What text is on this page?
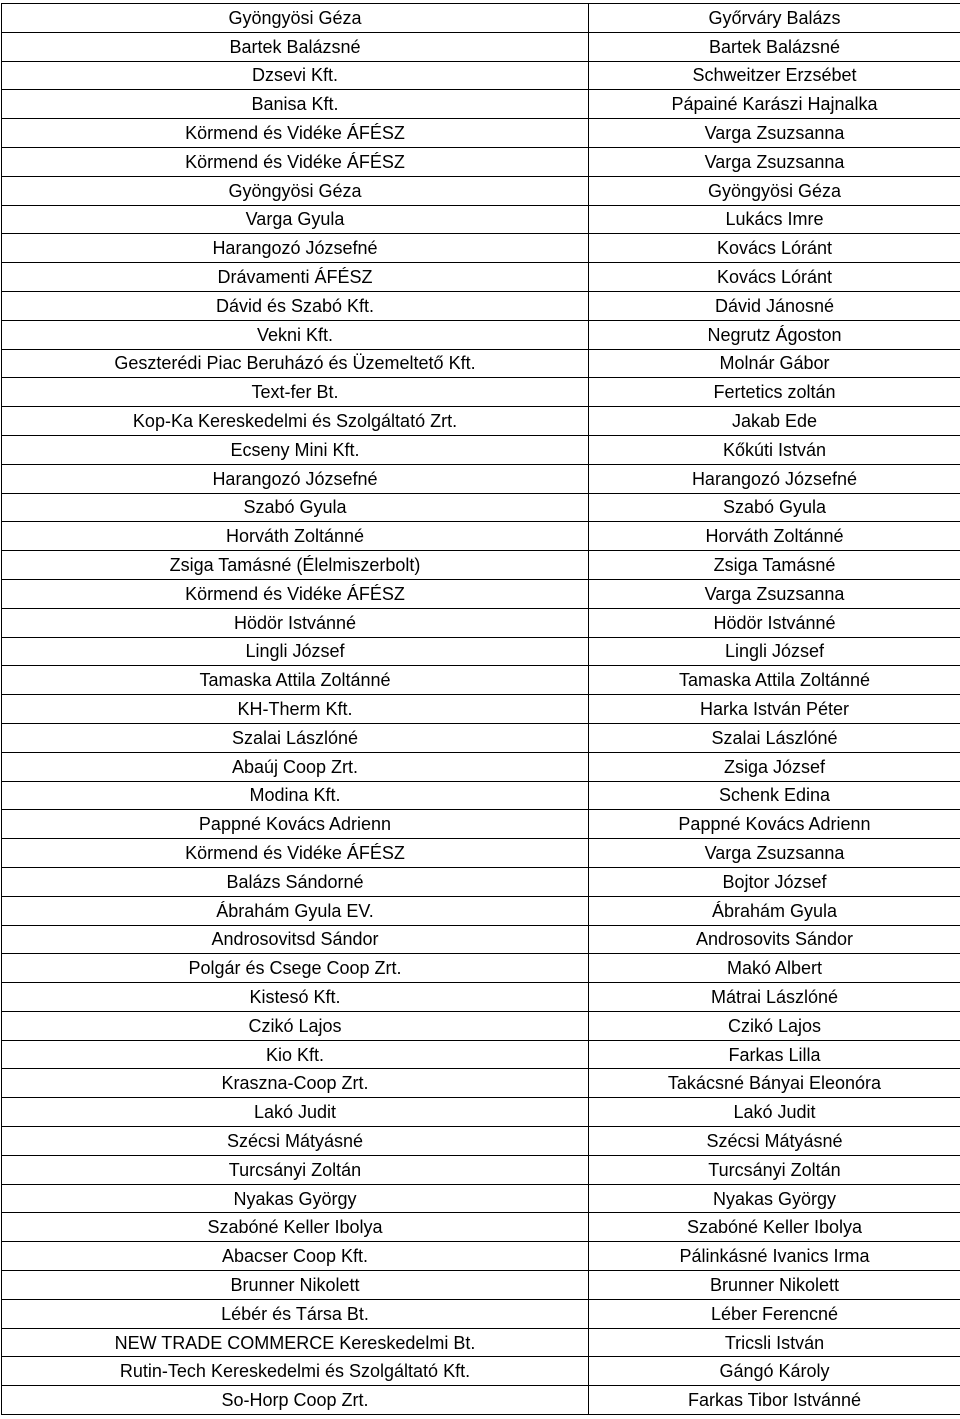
Gyöngyösi Géza	Győrváry Balázs
Bartek Balázsné	Bartek Balázsné
Dzsevi Kft.	Schweitzer Erzsébet
Banisa Kft.	Pápainé Karászi Hajnalka
Körmend és Vidéke ÁFÉSZ	Varga Zsuzsanna
Körmend és Vidéke ÁFÉSZ	Varga Zsuzsanna
Gyöngyösi Géza	Gyöngyösi Géza
Varga Gyula	Lukács Imre
Harangozó Józsefné	Kovács Lóránt
Drávamenti ÁFÉSZ	Kovács Lóránt
Dávid és Szabó Kft.	Dávid Jánosné
Vekni Kft.	Negrutz Ágoston
Geszterédi Piac Beruházó és Üzemeltető Kft.	Molnár Gábor
Text-fer Bt.	Fertetics zoltán
Kop-Ka Kereskedelmi és Szolgáltató Zrt.	Jakab Ede
Ecseny Mini Kft.	Kőkúti István
Harangozó Józsefné	Harangozó Józsefné
Szabó Gyula	Szabó Gyula
Horváth Zoltánné	Horváth Zoltánné
Zsiga Tamásné (Élelmiszerbolt)	Zsiga Tamásné
Körmend és Vidéke ÁFÉSZ	Varga Zsuzsanna
Hödör Istvánné	Hödör Istvánné
Lingli József	Lingli József
Tamaska Attila Zoltánné	Tamaska Attila Zoltánné
KH-Therm Kft.	Harka István Péter
Szalai Lászlóné	Szalai Lászlóné
Abaúj Coop Zrt.	Zsiga József
Modina Kft.	Schenk Edina
Pappné Kovács Adrienn	Pappné Kovács Adrienn
Körmend és Vidéke ÁFÉSZ	Varga Zsuzsanna
Balázs Sándorné	Bojtor József
Ábrahám Gyula EV.	Ábrahám Gyula
Androsovitsd Sándor	Androsovits Sándor
Polgár és Csege Coop Zrt.	Makó Albert
Kistesó Kft.	Mátrai Lászlóné
Czikó Lajos	Czikó Lajos
Kio Kft.	Farkas Lilla
Kraszna-Coop Zrt.	Takácsné Bányai Eleonóra
Lakó Judit	Lakó Judit
Szécsi Mátyásné	Szécsi Mátyásné
Turcsányi Zoltán	Turcsányi Zoltán
Nyakas György	Nyakas György
Szabóné Keller Ibolya	Szabóné Keller Ibolya
Abacser Coop Kft.	Pálinkásné Ivanics Irma
Brunner Nikolett	Brunner Nikolett
Lébér és Társa Bt.	Léber Ferencné
NEW TRADE COMMERCE Kereskedelmi Bt.	Tricsli István
Rutin-Tech Kereskedelmi és Szolgáltató Kft.	Gángó Károly
So-Horp Coop Zrt.	Farkas Tibor Istvánné
